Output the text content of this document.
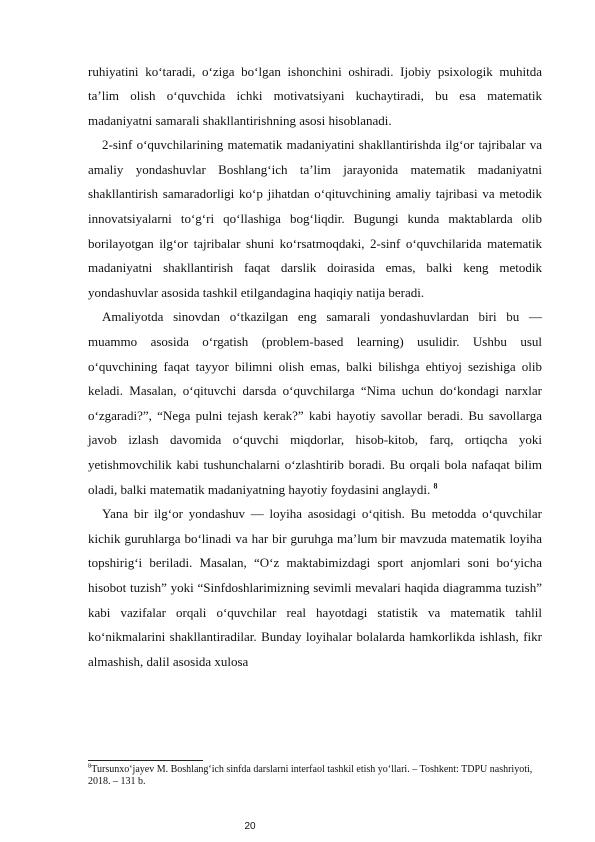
ruhiyatini ko‘taradi, o‘ziga bo‘lgan ishonchini oshiradi. Ijobiy psixologik muhitda ta’lim olish o‘quvchida ichki motivatsiyani kuchaytiradi, bu esa matematik madaniyatni samarali shakllantirishning asosi hisoblanadi.

2-sinf o‘quvchilarining matematik madaniyatini shakllantirishda ilg‘or tajribalar va amaliy yondashuvlar Boshlang‘ich ta’lim jarayonida matematik madaniyatni shakllantirish samaradorligi ko‘p jihatdan o‘qituvchining amaliy tajribasi va metodik innovatsiyalarni to‘g‘ri qo‘llashiga bog‘liqdir. Bugungi kunda maktablarda olib borilayotgan ilg‘or tajribalar shuni ko‘rsatmoqdaki, 2-sinf o‘quvchilarida matematik madaniyatni shakllantirish faqat darslik doirasida emas, balki keng metodik yondashuvlar asosida tashkil etilgandagina haqiqiy natija beradi.

Amaliyotda sinovdan o‘tkazilgan eng samarali yondashuvlardan biri bu — muammo asosida o‘rgatish (problem-based learning) usulidir. Ushbu usul o‘quvchining faqat tayyor bilimni olish emas, balki bilishga ehtiyoj sezishiga olib keladi. Masalan, o‘qituvchi darsda o‘quvchilarga “Nima uchun do‘kondagi narxlar o‘zgaradi?”, “Nega pulni tejash kerak?” kabi hayotiy savollar beradi. Bu savollarga javob izlash davomida o‘quvchi miqdorlar, hisob-kitob, farq, ortiqcha yoki yetishmovchilik kabi tushunchalarni o‘zlashtirib boradi. Bu orqali bola nafaqat bilim oladi, balki matematik madaniyatning hayotiy foydasini anglaydi. $^8$

Yana bir ilg‘or yondashuv — loyiha asosidagi o‘qitish. Bu metodda o‘quvchilar kichik guruhlarga bo‘linadi va har bir guruhga ma’lum bir mavzuda matematik loyiha topshirig‘i beriladi. Masalan, “O‘z maktabimizdagi sport anjomlari soni bo‘yicha hisobot tuzish” yoki “Sinfdoshlarimizning sevimli mevalari haqida diagramma tuzish” kabi vazifalar orqali o‘quvchilar real hayotdagi statistik va matematik tahlil ko‘nikmalarini shakllantiradilar. Bunday loyihalar bolalarda hamkorlikda ishlash, fikr almashish, dalil asosida xulosa

$^8$Tursunxo‘jayev M. Boshlang‘ich sinfda darslarni interfaol tashkil etish yo‘llari. – Toshkent: TDPU nashriyoti, 2018. – 131 b.
20
